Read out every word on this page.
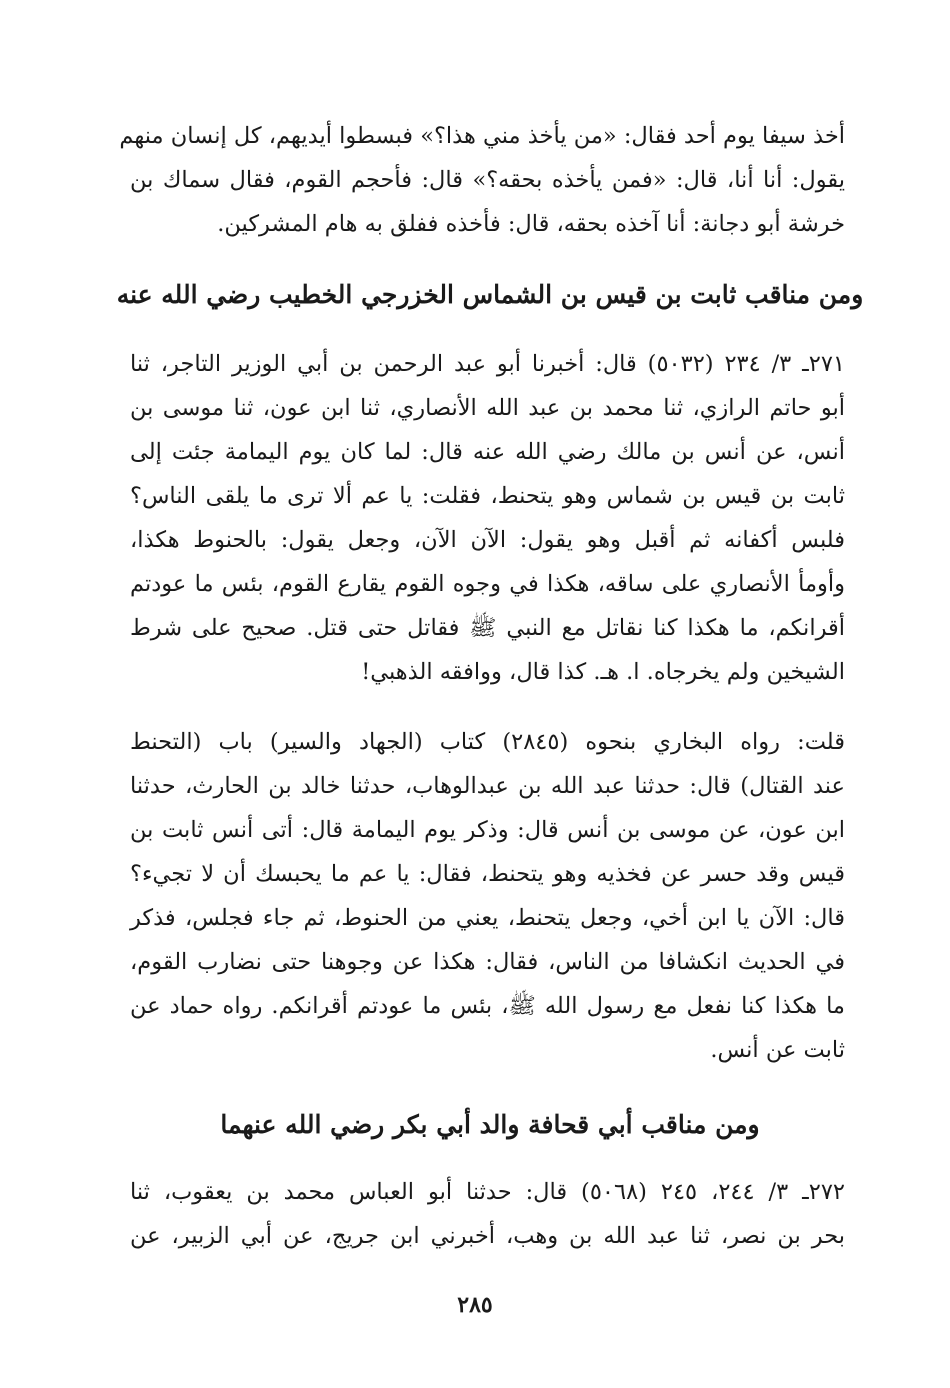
أخذ سيفا يوم أحد فقال: «من يأخذ مني هذا؟» فبسطوا أيديهم، كل إنسان منهم
يقول: أنا أنا، قال: «فمن يأخذه بحقه؟» قال: فأحجم القوم، فقال سماك بن
خرشة أبو دجانة: أنا آخذه بحقه، قال: فأخذه ففلق به هام المشركين.

ومن مناقب ثابت بن قيس بن الشماس الخزرجي الخطيب رضي الله عنه

٢٧١ـ ٣/ ٢٣٤ (٥٠٣٢) قال: أخبرنا أبو عبد الرحمن بن أبي الوزير التاجر، ثنا
أبو حاتم الرازي، ثنا محمد بن عبد الله الأنصاري، ثنا ابن عون، ثنا موسى بن
أنس، عن أنس بن مالك رضي الله عنه قال: لما كان يوم اليمامة جئت إلى
ثابت بن قيس بن شماس وهو يتحنط، فقلت: يا عم ألا ترى ما يلقى الناس؟
فلبس أكفانه ثم أقبل وهو يقول: الآن الآن، وجعل يقول: بالحنوط هكذا،
وأومأ الأنصاري على ساقه، هكذا في وجوه القوم يقارع القوم، بئس ما عودتم
أقرانكم، ما هكذا كنا نقاتل مع النبي ﷺ فقاتل حتى قتل. صحيح على شرط
الشيخين ولم يخرجاه. ا. هـ. كذا قال، ووافقه الذهبي!

قلت: رواه البخاري بنحوه (٢٨٤٥) كتاب (الجهاد والسير) باب (التحنط
عند القتال) قال: حدثنا عبد الله بن عبدالوهاب، حدثنا خالد بن الحارث، حدثنا
ابن عون، عن موسى بن أنس قال: وذكر يوم اليمامة قال: أتى أنس ثابت بن
قيس وقد حسر عن فخذيه وهو يتحنط، فقال: يا عم ما يحبسك أن لا تجيء؟
قال: الآن يا ابن أخي، وجعل يتحنط، يعني من الحنوط، ثم جاء فجلس، فذكر
في الحديث انكشافا من الناس، فقال: هكذا عن وجوهنا حتى نضارب القوم،
ما هكذا كنا نفعل مع رسول الله ﷺ، بئس ما عودتم أقرانكم. رواه حماد عن
ثابت عن أنس.

ومن مناقب أبي قحافة والد أبي بكر رضي الله عنهما

٢٧٢ـ ٣/ ٢٤٤، ٢٤٥ (٥٠٦٨) قال: حدثنا أبو العباس محمد بن يعقوب، ثنا
بحر بن نصر، ثنا عبد الله بن وهب، أخبرني ابن جريج، عن أبي الزبير، عن

٢٨٥
